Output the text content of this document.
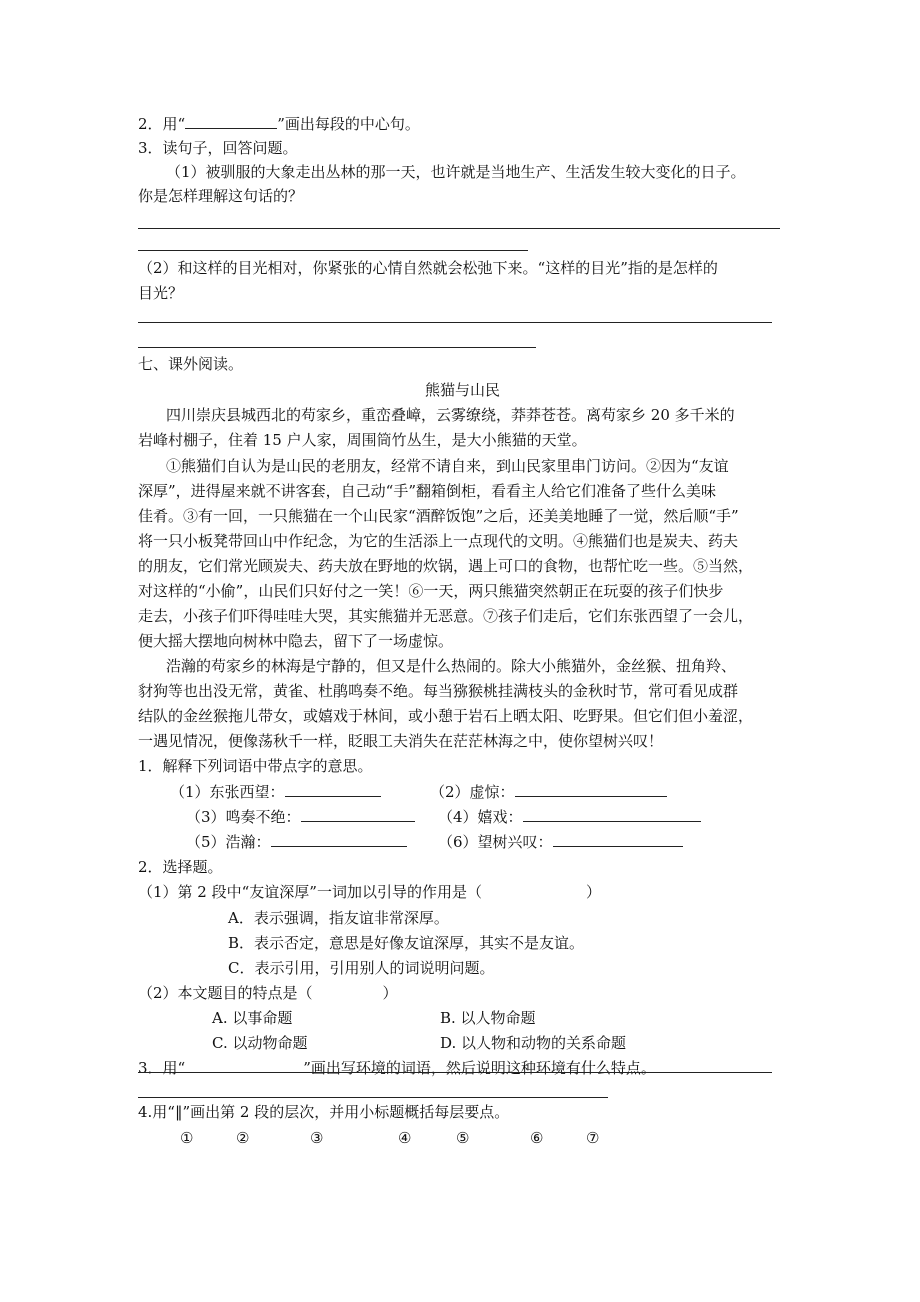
2．用“	”画出每段的中心句。
3．读句子，回答问题。
（1）被驯服的大象走出丛林的那一天，也许就是当地生产、生活发生较大变化的日子。
你是怎样理解这句话的？
（2）和这样的目光相对，你紧张的心情自然就会松弛下来。“这样的目光”指的是怎样的
目光？
七、课外阅读。
熊猫与山民
四川崇庆县城西北的苟家乡，重峦叠嶂，云雾缭绕，莽莽苍苍。离苟家乡 20 多千米的
岩峰村棚子，住着 15 户人家，周围筒竹丛生，是大小熊猫的天堂。
①熊猫们自认为是山民的老朋友，经常不请自来，到山民家里串门访问。②因为“友谊
深厚”，进得屋来就不讲客套，自己动“手”翻箱倒柜，看看主人给它们准备了些什么美味
佳肴。③有一回，一只熊猫在一个山民家“酒醉饭饱”之后，还美美地睡了一觉，然后顺“手”
将一只小板凳带回山中作纪念，为它的生活添上一点现代的文明。④熊猫们也是炭夫、药夫
的朋友，它们常光顾炭夫、药夫放在野地的炊锅，遇上可口的食物，也帮忙吃一些。⑤当然，
对这样的“小偷”，山民们只好付之一笑！⑥一天，两只熊猫突然朝正在玩耍的孩子们快步
走去，小孩子们吓得哇哇大哭，其实熊猫并无恶意。⑦孩子们走后，它们东张西望了一会儿，
便大摇大摆地向树林中隐去，留下了一场虚惊。
浩瀚的苟家乡的林海是宁静的，但又是什么热闹的。除大小熊猫外，金丝猴、扭角羚、
豺狗等也出没无常，黄雀、杜鹃鸣奏不绝。每当猕猴桃挂满枝头的金秋时节，常可看见成群
结队的金丝猴拖儿带女，或嬉戏于林间，或小憩于岩石上晒太阳、吃野果。但它们但小羞涩，
一遇见情况，便像荡秋千一样，眨眼工夫消失在茫茫林海之中，使你望树兴叹！
1．解释下列词语中带点字的意思。
（1）东张西望：	（2）虚惊：
（3）鸣奏不绝：	（4）嬉戏：
（5）浩瀚：	（6）望树兴叹：
2．选择题。
（1）第 2 段中“友谊深厚”一词加以引导的作用是（	）
A．表示强调，指友谊非常深厚。
B．表示否定，意思是好像友谊深厚，其实不是友谊。
C．表示引用，引用别人的词说明问题。
（2）本文题目的特点是（	）
A. 以事命题	B. 以人物命题
C. 以动物命题	D. 以人物和动物的关系命题
3．用“	”画出写环境的词语，然后说明这种环境有什么特点。
4.用“‖”画出第 2 段的层次，并用小标题概括每层要点。
①	②	③	④	⑤	⑥	⑦
